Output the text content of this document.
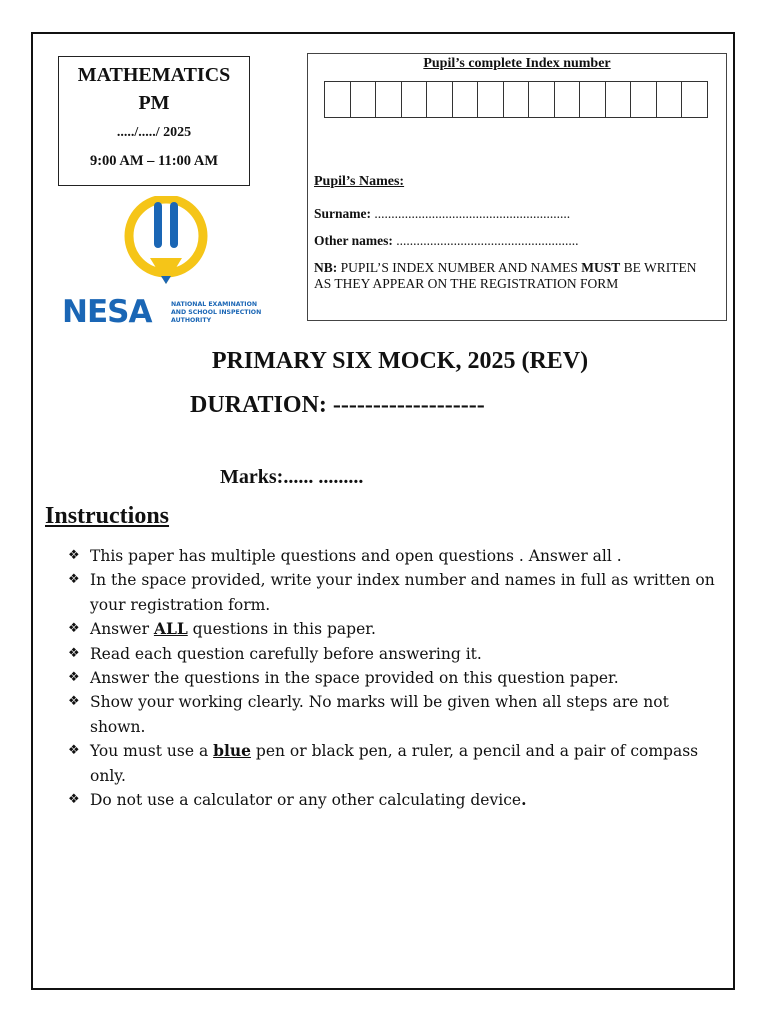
MATHEMATICS
PM
...../...../ 2025
9:00 AM – 11:00 AM
NESA	NATIONAL EXAMINATION
AND SCHOOL INSPECTION
AUTHORITY
Pupil’s complete Index number
Pupil’s Names:
Surname: ..........................................................
Other names: ......................................................
NB: PUPIL’S INDEX NUMBER AND NAMES MUST BE WRITEN AS THEY APPEAR ON THE REGISTRATION FORM
PRIMARY SIX MOCK, 2025 (REV)
DURATION: -------------------
Marks:...... .........
Instructions
❖ This paper has multiple questions and open questions . Answer all .
❖ In the space provided, write your index number and names in full as written on your registration form.
❖ Answer ALL questions in this paper.
❖ Read each question carefully before answering it.
❖ Answer the questions in the space provided on this question paper.
❖ Show your working clearly. No marks will be given when all steps are not shown.
❖ You must use a blue pen or black pen, a ruler, a pencil and a pair of compass only.
❖ Do not use a calculator or any other calculating device.
